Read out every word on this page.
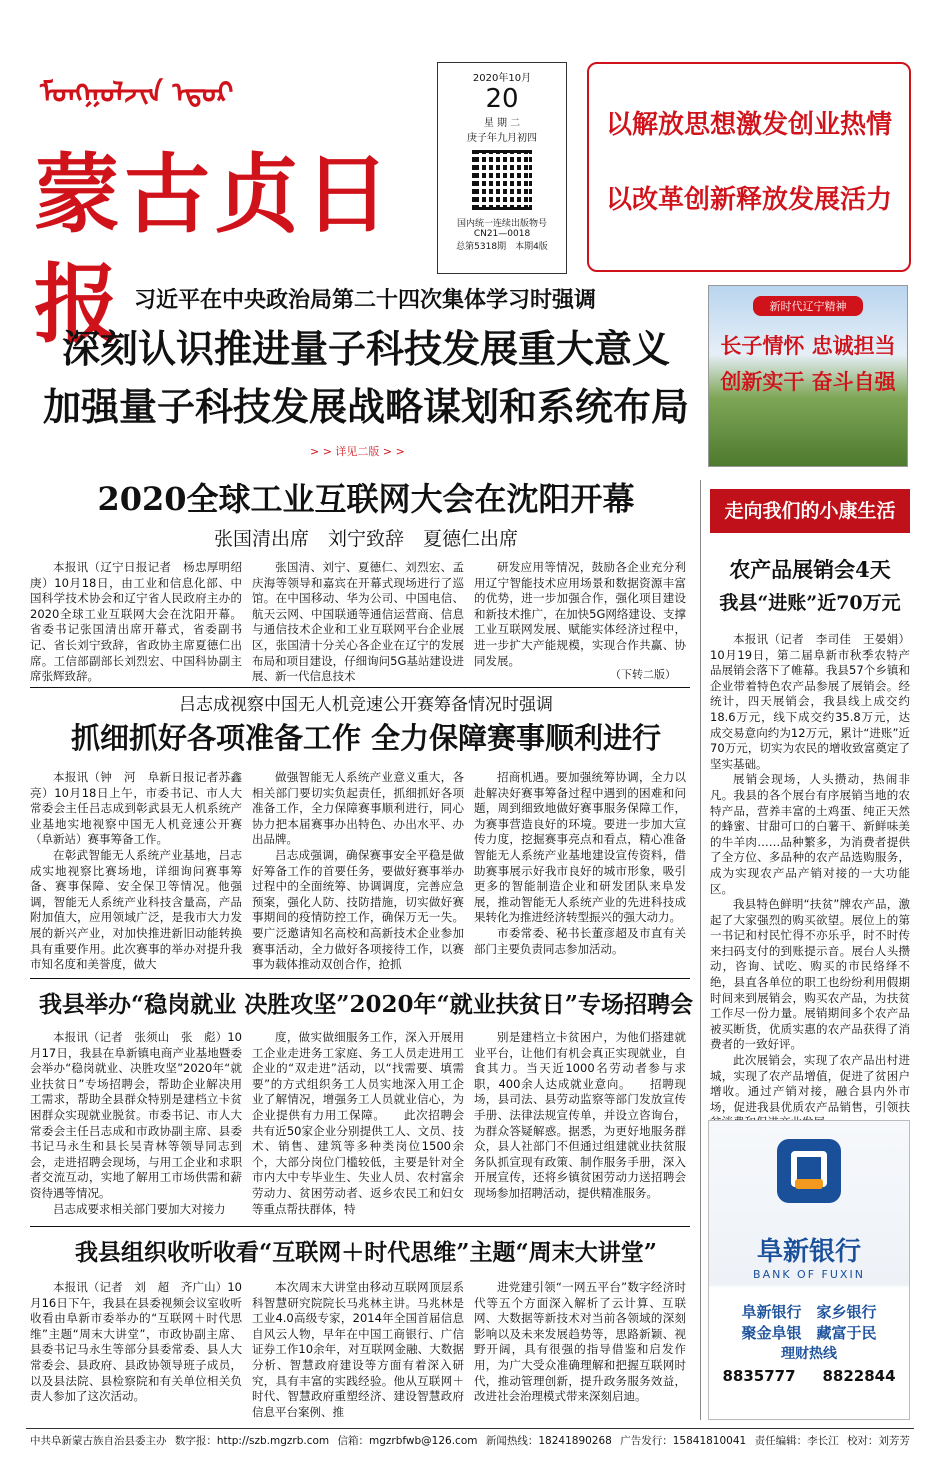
ᠮᠣᠩᠭᠣᠯᠵᠢᠨ ᠡᠳᠦᠷ
蒙古贞日报
2020年10月
20
星 期 二
庚子年九月初四
国内统一连续出版物号
CN21—0018
总第5318期　本期4版
以解放思想激发创业热情
以改革创新释放发展活力
习近平在中央政治局第二十四次集体学习时强调
深刻认识推进量子科技发展重大意义
加强量子科技发展战略谋划和系统布局
> > 详见二版 > >
新时代辽宁精神
长子情怀 忠诚担当
创新实干 奋斗自强
2020全球工业互联网大会在沈阳开幕
张国清出席　刘宁致辞　夏德仁出席

本报讯（辽宁日报记者　杨忠厚明绍庚）10月18日，由工业和信息化部、中国科学技术协会和辽宁省人民政府主办的2020全球工业互联网大会在沈阳开幕。省委书记张国清出席开幕式，省委副书记、省长刘宁致辞，省政协主席夏德仁出席。工信部副部长刘烈宏、中国科协副主席张辉致辞。

张国清、刘宁、夏德仁、刘烈宏、孟庆海等领导和嘉宾在开幕式现场进行了巡馆。在中国移动、华为公司、中国电信、航天云网、中国联通等通信运营商、信息与通信技术企业和工业互联网平台企业展区，张国清十分关心各企业在辽宁的发展布局和项目建设，仔细询问5G基站建设进展、新一代信息技术

研发应用等情况，鼓励各企业充分利用辽宁智能技术应用场景和数据资源丰富的优势，进一步加强合作，强化项目建设和新技术推广，在加快5G网络建设、支撑工业互联网发展、赋能实体经济过程中，进一步扩大产能规模，实现合作共赢、协同发展。

（下转二版）
吕志成视察中国无人机竞速公开赛筹备情况时强调
抓细抓好各项准备工作 全力保障赛事顺利进行

本报讯（钟　河　阜新日报记者苏鑫亮）10月18日上午，市委书记、市人大常委会主任吕志成到彰武县无人机系统产业基地实地视察中国无人机竞速公开赛（阜新站）赛事筹备工作。

在彰武智能无人系统产业基地，吕志成实地视察比赛场地，详细询问赛事筹备、赛事保障、安全保卫等情况。他强调，智能无人系统产业科技含量高，产品附加值大，应用领域广泛，是我市大力发展的新兴产业，对加快推进新旧动能转换具有重要作用。此次赛事的举办对提升我市知名度和美誉度，做大

做强智能无人系统产业意义重大，各相关部门要切实负起责任，抓细抓好各项准备工作，全力保障赛事顺利进行，同心协力把本届赛事办出特色、办出水平、办出品牌。

吕志成强调，确保赛事安全平稳是做好筹备工作的首要任务，要做好赛事举办过程中的全面统筹、协调调度，完善应急预案，强化人防、技防措施，切实做好赛事期间的疫情防控工作，确保万无一失。要广泛邀请知名高校和高新技术企业参加赛事活动，全力做好各项接待工作，以赛事为载体推动双创合作，抢抓

招商机遇。要加强统筹协调，全力以赴解决好赛事筹备过程中遇到的困难和问题，周到细致地做好赛事服务保障工作，为赛事营造良好的环境。要进一步加大宣传力度，挖掘赛事亮点和看点，精心准备智能无人系统产业基地建设宣传资料，借助赛事展示好我市良好的城市形象，吸引更多的智能制造企业和研发团队来阜发展，推动智能无人系统产业的先进科技成果转化为推进经济转型振兴的强大动力。

市委常委、秘书长董彦超及市直有关部门主要负责同志参加活动。

我县举办“稳岗就业 决胜攻坚”2020年“就业扶贫日”专场招聘会

本报讯（记者　张须山　张　彪）10月17日，我县在阜新镇电商产业基地暨委会举办“稳岗就业、决胜攻坚”2020年“就业扶贫日”专场招聘会，帮助企业解决用工需求，帮助全县群众特别是建档立卡贫困群众实现就业脱贫。市委书记、市人大常委会主任吕志成和市政协副主席、县委书记马永生和县长吴青林等领导同志到会，走进招聘会现场，与用工企业和求职者交流互动，实地了解用工市场供需和薪资待遇等情况。

吕志成要求相关部门要加大对接力

度，做实做细服务工作，深入开展用工企业走进务工家庭、务工人员走进用工企业的“双走进”活动，以“找需要、填需要”的方式组织务工人员实地深入用工企业了解情况，增强务工人员就业信心，为企业提供有力用工保障。　　此次招聘会共有近50家企业分别提供工人、文员、技术、销售、建筑等多种类岗位1500余个，大部分岗位门槛较低，主要是针对全市内大中专毕业生、失业人员、农村富余劳动力、贫困劳动者、返乡农民工和妇女等重点帮扶群体，特

别是建档立卡贫困户，为他们搭建就业平台，让他们有机会真正实现就业，自食其力。当天近1000名劳动者参与求职，400余人达成就业意向。　　招聘现场，县司法、县劳动监察等部门发放宣传手册、法律法规宣传单，并设立咨询台，为群众答疑解惑。据悉，为更好地服务群众，县人社部门不但通过组建就业扶贫服务队抓宣现有政策、制作服务手册，深入开展宣传，还将乡镇贫困劳动力送招聘会现场参加招聘活动，提供精准服务。

我县组织收听收看“互联网＋时代思维”主题“周末大讲堂”

本报讯（记者　刘　超　齐广山）10月16日下午，我县在县委视频会议室收听收看由阜新市委举办的“互联网＋时代思维”主题“周末大讲堂”，市政协副主席、县委书记马永生等部分县委常委、县人大常委会、县政府、县政协领导班子成员，以及县法院、县检察院和有关单位相关负责人参加了这次活动。

本次周末大讲堂由移动互联网顶层系科智慧研究院院长马兆林主讲。马兆林是工业4.0高级专家，2014年全国首届信息自风云人物，早年在中国工商银行、广信证券工作10余年，对互联网金融、大数据分析、智慧政府建设等方面有着深入研究，具有丰富的实践经验。他从互联网＋时代、智慧政府重塑经济、建设智慧政府信息平台案例、推

进党建引领“一网五平台”数字经济时代等五个方面深入解析了云计算、互联网、大数据等新技术对当前各领域的深刻影响以及未来发展趋势等，思路新颖、视野开阔，具有很强的指导借鉴和启发作用，为广大受众准确理解和把握互联网时代，推动管理创新，提升政务服务效益，改进社会治理模式带来深刻启迪。

走向我们的小康生活
农产品展销会4天
我县“进账”近70万元

本报讯（记者　李司佳　王晏娟）10月19日，第二届阜新市秋季农特产品展销会落下了帷幕。我县57个乡镇和企业带着特色农产品参展了展销会。经统计，四天展销会，我县线上成交约18.6万元，线下成交约35.8万元，达成交易意向约为12万元，累计“进账”近70万元，切实为农民的增收致富奠定了坚实基础。

展销会现场，人头攒动，热闹非凡。我县的各个展台有序展销当地的农特产品，营养丰富的土鸡蛋、纯正天然的蜂蜜、甘甜可口的白薯干、新鲜味美的牛羊肉……品种繁多，为消费者提供了全方位、多品种的农产品选购服务，成为实现农产品产销对接的一大功能区。

我县特色鲜明“扶贫”牌农产品，激起了大家强烈的购买欲望。展位上的第一书记和村民忙得不亦乐乎，时不时传来扫码支付的到账提示音。展台人头攒动，咨询、试吃、购买的市民络绎不绝，县直各单位的职工也纷纷利用假期时间来到展销会，购买农产品，为扶贫工作尽一份力量。展销期间多个农产品被买断货，优质实惠的农产品获得了消费者的一致好评。

此次展销会，实现了农产品出村进城，实现了农产品增值，促进了贫困户增收。通过产销对接，融合县内外市场，促进我县优质农产品销售，引领扶

阜新银行
BANK OF FUXIN
阜新银行　家乡银行
聚金阜银　藏富于民
理财热线
8835777 8822844
中共阜新蒙古族自治县委主办 数字报：http://szb.mgzrb.com 信箱：mgzrbfwb@126.com 新闻热线：18241890268 广告发行：15841810041 责任编辑：李长江 校对：刘芳芳
